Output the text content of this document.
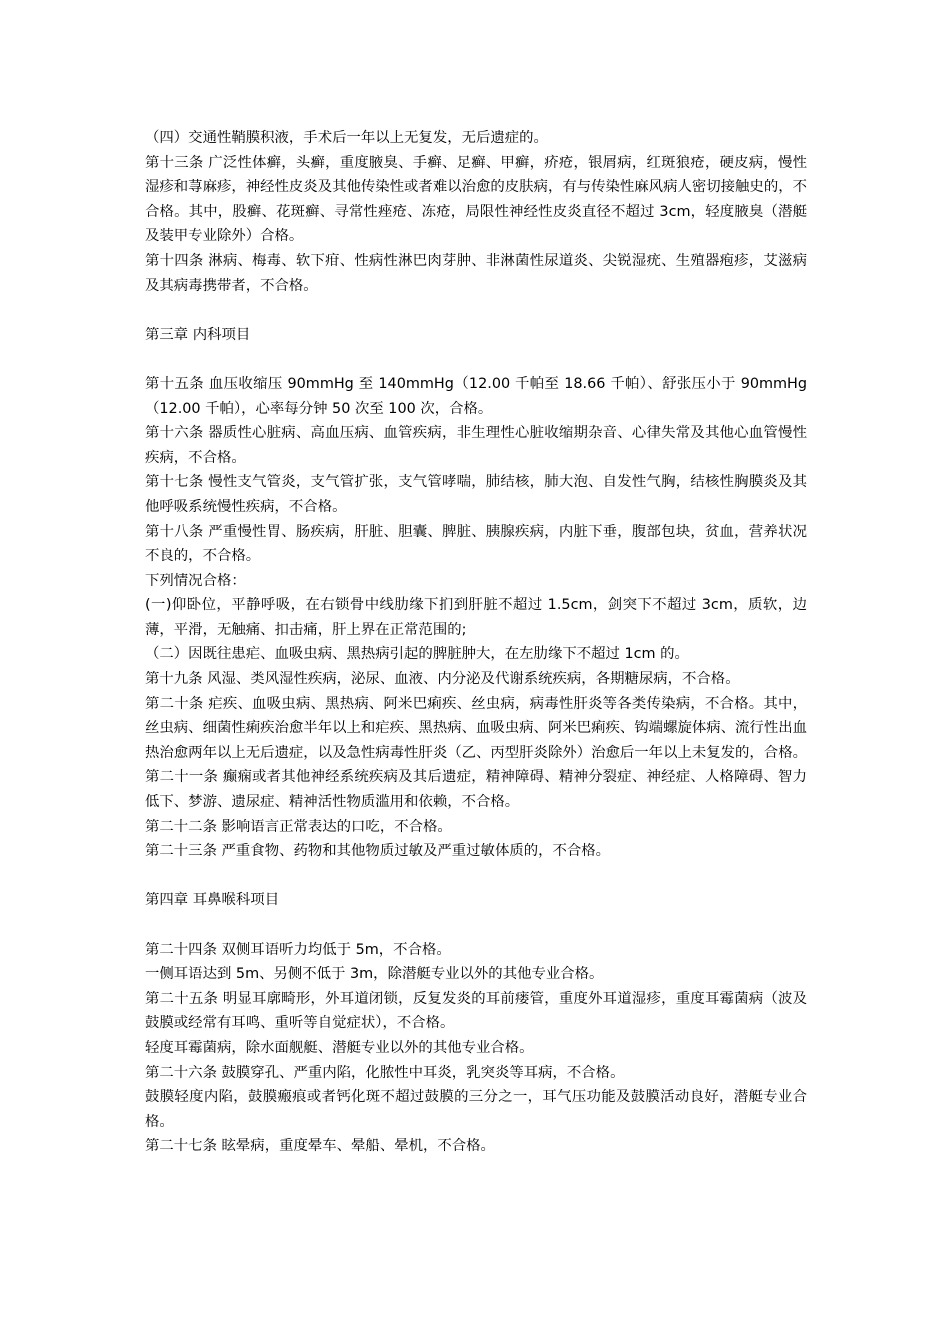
（四）交通性鞘膜积液，手术后一年以上无复发，无后遗症的。

第十三条 广泛性体癣，头癣，重度腋臭、手癣、足癣、甲癣，疥疮，银屑病，红斑狼疮，硬皮病，慢性湿疹和荨麻疹，神经性皮炎及其他传染性或者难以治愈的皮肤病，有与传染性麻风病人密切接触史的，不合格。其中，股癣、花斑癣、寻常性痤疮、冻疮，局限性神经性皮炎直径不超过 3cm，轻度腋臭（潜艇及装甲专业除外）合格。

第十四条 淋病、梅毒、软下疳、性病性淋巴肉芽肿、非淋菌性尿道炎、尖锐湿疣、生殖器疱疹，艾滋病及其病毒携带者，不合格。

第三章 内科项目

第十五条 血压收缩压 90mmHg 至 140mmHg（12.00 千帕至 18.66 千帕）、舒张压小于 90mmHg（12.00 千帕），心率每分钟 50 次至 100 次，合格。

第十六条 器质性心脏病、高血压病、血管疾病，非生理性心脏收缩期杂音、心律失常及其他心血管慢性疾病，不合格。

第十七条 慢性支气管炎，支气管扩张，支气管哮喘，肺结核，肺大泡、自发性气胸，结核性胸膜炎及其他呼吸系统慢性疾病，不合格。

第十八条 严重慢性胃、肠疾病，肝脏、胆囊、脾脏、胰腺疾病，内脏下垂，腹部包块，贫血，营养状况不良的，不合格。

下列情况合格：

(一)仰卧位，平静呼吸，在右锁骨中线肋缘下扪到肝脏不超过 1.5cm，剑突下不超过 3cm，质软，边薄，平滑，无触痛、扣击痛，肝上界在正常范围的;

（二）因既往患疟、血吸虫病、黑热病引起的脾脏肿大，在左肋缘下不超过 1cm 的。

第十九条 风湿、类风湿性疾病，泌尿、血液、内分泌及代谢系统疾病，各期糖尿病，不合格。

第二十条 疟疾、血吸虫病、黑热病、阿米巴痢疾、丝虫病，病毒性肝炎等各类传染病，不合格。其中，丝虫病、细菌性痢疾治愈半年以上和疟疾、黑热病、血吸虫病、阿米巴痢疾、钩端螺旋体病、流行性出血热治愈两年以上无后遗症，以及急性病毒性肝炎（乙、丙型肝炎除外）治愈后一年以上未复发的，合格。

第二十一条 癫痫或者其他神经系统疾病及其后遗症，精神障碍、精神分裂症、神经症、人格障碍、智力低下、梦游、遗尿症、精神活性物质滥用和依赖，不合格。

第二十二条 影响语言正常表达的口吃，不合格。

第二十三条 严重食物、药物和其他物质过敏及严重过敏体质的，不合格。

第四章 耳鼻喉科项目

第二十四条 双侧耳语听力均低于 5m，不合格。

一侧耳语达到 5m、另侧不低于 3m，除潜艇专业以外的其他专业合格。

第二十五条 明显耳廓畸形，外耳道闭锁，反复发炎的耳前瘘管，重度外耳道湿疹，重度耳霉菌病（波及鼓膜或经常有耳鸣、重听等自觉症状），不合格。

轻度耳霉菌病，除水面舰艇、潜艇专业以外的其他专业合格。

第二十六条 鼓膜穿孔、严重内陷，化脓性中耳炎，乳突炎等耳病，不合格。

鼓膜轻度内陷，鼓膜瘢痕或者钙化斑不超过鼓膜的三分之一，耳气压功能及鼓膜活动良好，潜艇专业合格。

第二十七条 眩晕病，重度晕车、晕船、晕机，不合格。
